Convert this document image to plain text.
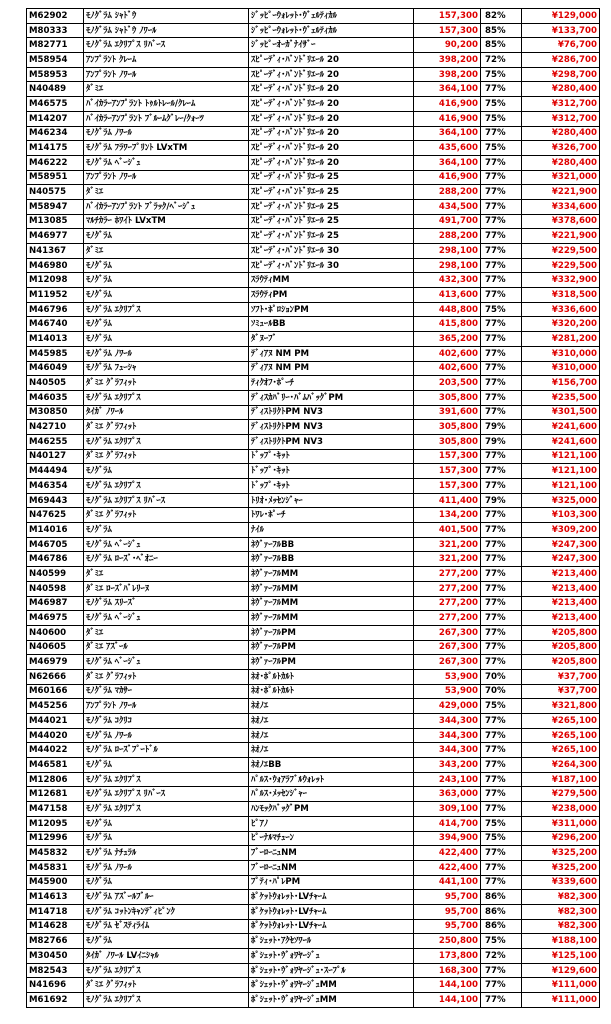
M62902	ﾓﾉｸﾞﾗﾑ ｼｬﾄﾞｳ	ｼﾞｯﾋﾟｰｳｫﾚｯﾄ･ｳﾞｪﾙﾃｨｶﾙ	157,300	82%	¥129,000
M80333	ﾓﾉｸﾞﾗﾑ ｼｬﾄﾞｳ ﾉﾜｰﾙ	ｼﾞｯﾋﾟｰｳｫﾚｯﾄ･ｳﾞｪﾙﾃｨｶﾙ	157,300	85%	¥133,700
M82771	ﾓﾉｸﾞﾗﾑ ｴｸﾘﾌﾟｽ ﾘﾊﾞｰｽ	ｼﾞｯﾋﾟｰｵｰｶﾞﾅｲｻﾞｰ	90,200	85%	¥76,700
M58954	ｱﾝﾌﾟﾗﾝﾄ ｸﾚｰﾑ	ｽﾋﾟｰﾃﾞｨ･ﾊﾞﾝﾄﾞﾘｴｰﾙ 20	398,200	72%	¥286,700
M58953	ｱﾝﾌﾟﾗﾝﾄ ﾉﾜｰﾙ	ｽﾋﾟｰﾃﾞｨ･ﾊﾞﾝﾄﾞﾘｴｰﾙ 20	398,200	75%	¥298,700
N40489	ﾀﾞﾐｴ	ｽﾋﾟｰﾃﾞｨ･ﾊﾞﾝﾄﾞﾘｴｰﾙ 20	364,100	77%	¥280,400
M46575	ﾊﾞｲｶﾗｰｱﾝﾌﾟﾗﾝﾄ ﾄｩﾙﾄﾚｰﾙ/ｸﾚｰﾑ	ｽﾋﾟｰﾃﾞｨ･ﾊﾞﾝﾄﾞﾘｴｰﾙ 20	416,900	75%	¥312,700
M14207	ﾊﾞｲｶﾗｰｱﾝﾌﾟﾗﾝﾄ ﾌﾞﾙｰﾑｸﾞﾚｰ/ｸｫｰﾂ	ｽﾋﾟｰﾃﾞｨ･ﾊﾞﾝﾄﾞﾘｴｰﾙ 20	416,900	75%	¥312,700
M46234	ﾓﾉｸﾞﾗﾑ ﾉﾜｰﾙ	ｽﾋﾟｰﾃﾞｨ･ﾊﾞﾝﾄﾞﾘｴｰﾙ 20	364,100	77%	¥280,400
M14175	ﾓﾉｸﾞﾗﾑ ﾌﾗﾜｰﾌﾟﾘﾝﾄ LVxTM	ｽﾋﾟｰﾃﾞｨ･ﾊﾞﾝﾄﾞﾘｴｰﾙ 20	435,600	75%	¥326,700
M46222	ﾓﾉｸﾞﾗﾑ ﾍﾞｰｼﾞｭ	ｽﾋﾟｰﾃﾞｨ･ﾊﾞﾝﾄﾞﾘｴｰﾙ 20	364,100	77%	¥280,400
M58951	ｱﾝﾌﾟﾗﾝﾄ ﾉﾜｰﾙ	ｽﾋﾟｰﾃﾞｨ･ﾊﾞﾝﾄﾞﾘｴｰﾙ 25	416,900	77%	¥321,000
N40575	ﾀﾞﾐｴ	ｽﾋﾟｰﾃﾞｨ･ﾊﾞﾝﾄﾞﾘｴｰﾙ 25	288,200	77%	¥221,900
M58947	ﾊﾞｲｶﾗｰｱﾝﾌﾟﾗﾝﾄ ﾌﾞﾗｯｸ/ﾍﾞｰｼﾞｭ	ｽﾋﾟｰﾃﾞｨ･ﾊﾞﾝﾄﾞﾘｴｰﾙ 25	434,500	77%	¥334,600
M13085	ﾏﾙﾁｶﾗｰ ﾎﾜｲﾄ LVxTM	ｽﾋﾟｰﾃﾞｨ･ﾊﾞﾝﾄﾞﾘｴｰﾙ 25	491,700	77%	¥378,600
M46977	ﾓﾉｸﾞﾗﾑ	ｽﾋﾟｰﾃﾞｨ･ﾊﾞﾝﾄﾞﾘｴｰﾙ 25	288,200	77%	¥221,900
N41367	ﾀﾞﾐｴ	ｽﾋﾟｰﾃﾞｨ･ﾊﾞﾝﾄﾞﾘｴｰﾙ 30	298,100	77%	¥229,500
M46980	ﾓﾉｸﾞﾗﾑ	ｽﾋﾟｰﾃﾞｨ･ﾊﾞﾝﾄﾞﾘｴｰﾙ 30	298,100	77%	¥229,500
M12098	ﾓﾉｸﾞﾗﾑ	ｽﾗｳﾃｨMM	432,300	77%	¥332,900
M11952	ﾓﾉｸﾞﾗﾑ	ｽﾗｳﾃｨPM	413,600	77%	¥318,500
M46796	ﾓﾉｸﾞﾗﾑ ｴｸﾘﾌﾟｽ	ｿﾌﾄ･ﾎﾟﾛｼｮﾝPM	448,800	75%	¥336,600
M46740	ﾓﾉｸﾞﾗﾑ	ｿﾐｭｰﾙBB	415,800	77%	¥320,200
M14013	ﾓﾉｸﾞﾗﾑ	ﾀﾞﾇｰﾌﾞ	365,200	77%	¥281,200
M45985	ﾓﾉｸﾞﾗﾑ ﾉﾜｰﾙ	ﾃﾞｨｱﾇ NM PM	402,600	77%	¥310,000
M46049	ﾓﾉｸﾞﾗﾑ ﾌｭｰｼｬ	ﾃﾞｨｱﾇ NM PM	402,600	77%	¥310,000
N40505	ﾀﾞﾐｴ ｸﾞﾗﾌｨｯﾄ	ﾃｨｸｵﾌ･ﾎﾟｰﾁ	203,500	77%	¥156,700
M46035	ﾓﾉｸﾞﾗﾑ ｴｸﾘﾌﾟｽ	ﾃﾞｨｽｶﾊﾞﾘｰ･ﾊﾞﾑﾊﾞｯｸﾞPM	305,800	77%	¥235,500
M30850	ﾀｲｶﾞ ﾉﾜｰﾙ	ﾃﾞｨｽﾄﾘｸﾄPM NV3	391,600	77%	¥301,500
N42710	ﾀﾞﾐｴ ｸﾞﾗﾌｨｯﾄ	ﾃﾞｨｽﾄﾘｸﾄPM NV3	305,800	79%	¥241,600
M46255	ﾓﾉｸﾞﾗﾑ ｴｸﾘﾌﾟｽ	ﾃﾞｨｽﾄﾘｸﾄPM NV3	305,800	79%	¥241,600
N40127	ﾀﾞﾐｴ ｸﾞﾗﾌｨｯﾄ	ﾄﾞｯﾌﾟ･ｷｯﾄ	157,300	77%	¥121,100
M44494	ﾓﾉｸﾞﾗﾑ	ﾄﾞｯﾌﾟ･ｷｯﾄ	157,300	77%	¥121,100
M46354	ﾓﾉｸﾞﾗﾑ ｴｸﾘﾌﾟｽ	ﾄﾞｯﾌﾟ･ｷｯﾄ	157,300	77%	¥121,100
M69443	ﾓﾉｸﾞﾗﾑ ｴｸﾘﾌﾟｽ ﾘﾊﾞｰｽ	ﾄﾘｵ･ﾒｯｾﾝｼﾞｬｰ	411,400	79%	¥325,000
N47625	ﾀﾞﾐｴ ｸﾞﾗﾌｨｯﾄ	ﾄﾜﾚ･ﾎﾟｰﾁ	134,200	77%	¥103,300
M14016	ﾓﾉｸﾞﾗﾑ	ﾅｲﾙ	401,500	77%	¥309,200
M46705	ﾓﾉｸﾞﾗﾑ ﾍﾞｰｼﾞｭ	ﾈｳﾞｧｰﾌﾙBB	321,200	77%	¥247,300
M46786	ﾓﾉｸﾞﾗﾑ ﾛｰｽﾞ･ﾍﾞｵﾆｰ	ﾈｳﾞｧｰﾌﾙBB	321,200	77%	¥247,300
N40599	ﾀﾞﾐｴ	ﾈｳﾞｧｰﾌﾙMM	277,200	77%	¥213,400
N40598	ﾀﾞﾐｴ ﾛｰｽﾞﾊﾞﾚﾘｰﾇ	ﾈｳﾞｧｰﾌﾙMM	277,200	77%	¥213,400
M46987	ﾓﾉｸﾞﾗﾑ ｽﾘｰｽﾞ	ﾈｳﾞｧｰﾌﾙMM	277,200	77%	¥213,400
M46975	ﾓﾉｸﾞﾗﾑ ﾍﾞｰｼﾞｭ	ﾈｳﾞｧｰﾌﾙMM	277,200	77%	¥213,400
N40600	ﾀﾞﾐｴ	ﾈｳﾞｧｰﾌﾙPM	267,300	77%	¥205,800
N40605	ﾀﾞﾐｴ ｱｽﾞｰﾙ	ﾈｳﾞｧｰﾌﾙPM	267,300	77%	¥205,800
M46979	ﾓﾉｸﾞﾗﾑ ﾍﾞｰｼﾞｭ	ﾈｳﾞｧｰﾌﾙPM	267,300	77%	¥205,800
N62666	ﾀﾞﾐｴ ｸﾞﾗﾌｨｯﾄ	ﾈｵ･ﾎﾟﾙﾄｶﾙﾄ	53,900	70%	¥37,700
M60166	ﾓﾉｸﾞﾗﾑ ﾏｶｻｰ	ﾈｵ･ﾎﾟﾙﾄｶﾙﾄ	53,900	70%	¥37,700
M45256	ｱﾝﾌﾟﾗﾝﾄ ﾉﾜｰﾙ	ﾈｵﾉｴ	429,000	75%	¥321,800
M44021	ﾓﾉｸﾞﾗﾑ ｺｸﾘｺ	ﾈｵﾉｴ	344,300	77%	¥265,100
M44020	ﾓﾉｸﾞﾗﾑ ﾉﾜｰﾙ	ﾈｵﾉｴ	344,300	77%	¥265,100
M44022	ﾓﾉｸﾞﾗﾑ ﾛｰｽﾞﾌﾟｰﾄﾞﾙ	ﾈｵﾉｴ	344,300	77%	¥265,100
M46581	ﾓﾉｸﾞﾗﾑ	ﾈｵﾉｴBB	343,200	77%	¥264,300
M12806	ﾓﾉｸﾞﾗﾑ ｴｸﾘﾌﾟｽ	ﾊﾟﾙｽ･ｳｫｱﾗﾌﾞﾙｳｫﾚｯﾄ	243,100	77%	¥187,100
M12681	ﾓﾉｸﾞﾗﾑ ｴｸﾘﾌﾟｽ ﾘﾊﾞｰｽ	ﾊﾟﾙｽ･ﾒｯｾﾝｼﾞｬｰ	363,000	77%	¥279,500
M47158	ﾓﾉｸﾞﾗﾑ ｴｸﾘﾌﾟｽ	ﾊﾝﾓｯｸﾊﾞｯｸﾞPM	309,100	77%	¥238,000
M12095	ﾓﾉｸﾞﾗﾑ	ﾋﾟｱﾉ	414,700	75%	¥311,000
M12996	ﾓﾉｸﾞﾗﾑ	ﾋﾟｰﾅﾙﾏﾁｭｰﾝ	394,900	75%	¥296,200
M45832	ﾓﾉｸﾞﾗﾑ ﾅﾁｭﾗﾙ	ﾌﾞｰﾛｰﾆｭNM	422,400	77%	¥325,200
M45831	ﾓﾉｸﾞﾗﾑ ﾉﾜｰﾙ	ﾌﾞｰﾛｰﾆｭNM	422,400	77%	¥325,200
M45900	ﾓﾉｸﾞﾗﾑ	ﾌﾟﾃｨ･ﾊﾟﾚPM	441,100	77%	¥339,600
M14613	ﾓﾉｸﾞﾗﾑ ｱｽﾞｰﾙﾌﾞﾙｰ	ﾎﾟｹｯﾄｳｫﾚｯﾄ･LVﾁｬｰﾑ	95,700	86%	¥82,300
M14718	ﾓﾉｸﾞﾗﾑ ｺｯﾄﾝｷｬﾝﾃﾞｨﾋﾟﾝｸ	ﾎﾟｹｯﾄｳｫﾚｯﾄ･LVﾁｬｰﾑ	95,700	86%	¥82,300
M14628	ﾓﾉｸﾞﾗﾑ ｾﾞｽﾃｨﾗｲﾑ	ﾎﾟｹｯﾄｳｫﾚｯﾄ･LVﾁｬｰﾑ	95,700	86%	¥82,300
M82766	ﾓﾉｸﾞﾗﾑ	ﾎﾟｼｪｯﾄ･ｱｸｾｿﾜｰﾙ	250,800	75%	¥188,100
M30450	ﾀｲｶﾞ ﾉﾜｰﾙ LVｲﾆｼｬﾙ	ﾎﾟｼｪｯﾄ･ｳﾞｫﾜﾔｰｼﾞｭ	173,800	72%	¥125,100
M82543	ﾓﾉｸﾞﾗﾑ ｴｸﾘﾌﾟｽ	ﾎﾟｼｪｯﾄ･ｳﾞｫﾜﾔｰｼﾞｭ･ｽｰﾌﾟﾙ	168,300	77%	¥129,600
N41696	ﾀﾞﾐｴ ｸﾞﾗﾌｨｯﾄ	ﾎﾟｼｪｯﾄ･ｳﾞｫﾜﾔｰｼﾞｭMM	144,100	77%	¥111,000
M61692	ﾓﾉｸﾞﾗﾑ ｴｸﾘﾌﾟｽ	ﾎﾟｼｪｯﾄ･ｳﾞｫﾜﾔｰｼﾞｭMM	144,100	77%	¥111,000
